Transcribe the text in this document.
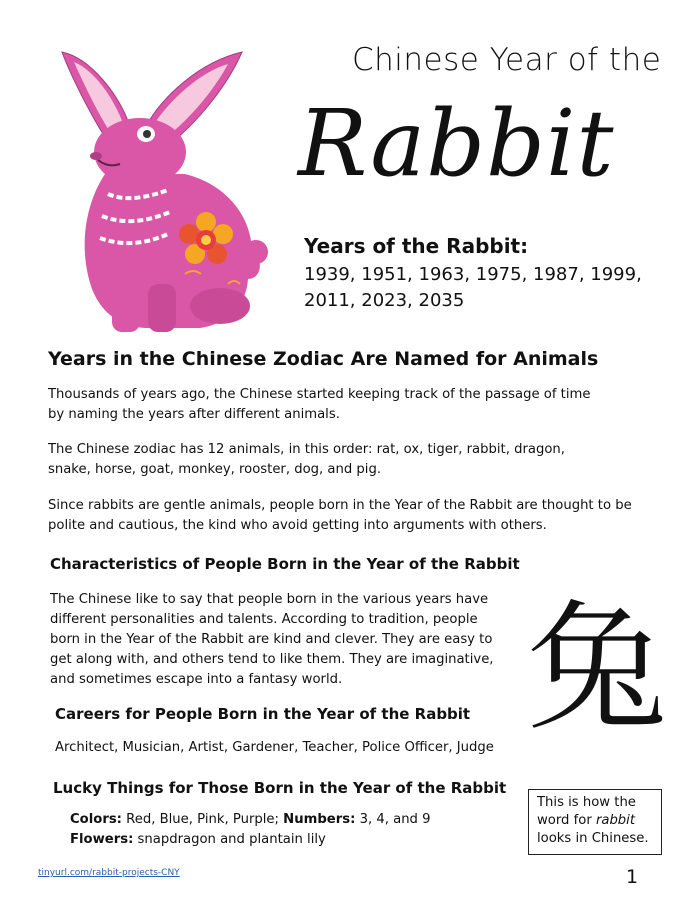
Chinese Year of the
Rabbit
Years of the Rabbit:
1939, 1951, 1963, 1975, 1987, 1999,
2011, 2023, 2035
Years in the Chinese Zodiac Are Named for Animals
Thousands of years ago, the Chinese started keeping track of the passage of time by naming the years after different animals.
The Chinese zodiac has 12 animals, in this order: rat, ox, tiger, rabbit, dragon, snake, horse, goat, monkey, rooster, dog, and pig.
Since rabbits are gentle animals, people born in the Year of the Rabbit are thought to be polite and cautious, the kind who avoid getting into arguments with others.
Characteristics of People Born in the Year of the Rabbit
The Chinese like to say that people born in the various years have different personalities and talents. According to tradition, people born in the Year of the Rabbit are kind and clever. They are easy to get along with, and others tend to like them. They are imaginative, and sometimes escape into a fantasy world.
Careers for People Born in the Year of the Rabbit
Architect, Musician, Artist, Gardener, Teacher, Police Officer, Judge
Lucky Things for Those Born in the Year of the Rabbit
Colors: Red, Blue, Pink, Purple; Numbers: 3, 4, and 9
Flowers: snapdragon and plantain lily
兔
This is how the word for rabbit looks in Chinese.
tinyurl.com/rabbit-projects-CNY	1
